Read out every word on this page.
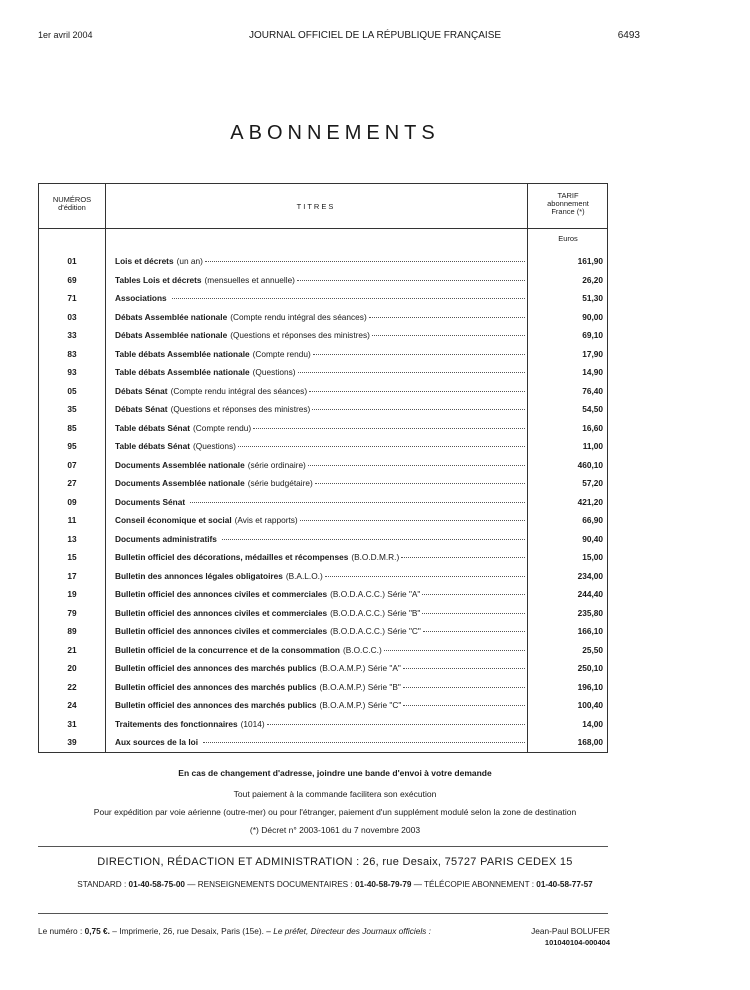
1er avril 2004	JOURNAL OFFICIEL DE LA RÉPUBLIQUE FRANÇAISE	6493
ABONNEMENTS
NUMÉROS d'édition	TITRES
TARIF abonnement France (*)
Euros
01	Lois et décrets (un an)	161,90
69	Tables Lois et décrets (mensuelles et annuelle)	26,20
71	Associations	51,30
03	Débats Assemblée nationale (Compte rendu intégral des séances)	90,00
33	Débats Assemblée nationale (Questions et réponses des ministres)	69,10
83	Table débats Assemblée nationale (Compte rendu)	17,90
93	Table débats Assemblée nationale (Questions)	14,90
05	Débats Sénat (Compte rendu intégral des séances)	76,40
35	Débats Sénat (Questions et réponses des ministres)	54,50
85	Table débats Sénat (Compte rendu)	16,60
95	Table débats Sénat (Questions)	11,00
07	Documents Assemblée nationale (série ordinaire)	460,10
27	Documents Assemblée nationale (série budgétaire)	57,20
09	Documents Sénat	421,20
11	Conseil économique et social (Avis et rapports)	66,90
13	Documents administratifs	90,40
15	Bulletin officiel des décorations, médailles et récompenses (B.O.D.M.R.)	15,00
17	Bulletin des annonces légales obligatoires (B.A.L.O.)	234,00
19	Bulletin officiel des annonces civiles et commerciales (B.O.D.A.C.C.) Série "A"	244,40
79	Bulletin officiel des annonces civiles et commerciales (B.O.D.A.C.C.) Série "B"	235,80
89	Bulletin officiel des annonces civiles et commerciales (B.O.D.A.C.C.) Série "C"	166,10
21	Bulletin officiel de la concurrence et de la consommation (B.O.C.C.)	25,50
20	Bulletin officiel des annonces des marchés publics (B.O.A.M.P.) Série "A"	250,10
22	Bulletin officiel des annonces des marchés publics (B.O.A.M.P.) Série "B"	196,10
24	Bulletin officiel des annonces des marchés publics (B.O.A.M.P.) Série "C"	100,40
31	Traitements des fonctionnaires (1014)	14,00
39	Aux sources de la loi	168,00
En cas de changement d'adresse, joindre une bande d'envoi à votre demande
Tout paiement à la commande facilitera son exécution
Pour expédition par voie aérienne (outre-mer) ou pour l'étranger, paiement d'un supplément modulé selon la zone de destination
(*) Décret n° 2003-1061 du 7 novembre 2003
DIRECTION, RÉDACTION ET ADMINISTRATION : 26, rue Desaix, 75727 PARIS CEDEX 15
STANDARD : 01-40-58-75-00 — RENSEIGNEMENTS DOCUMENTAIRES : 01-40-58-79-79 — TÉLÉCOPIE ABONNEMENT : 01-40-58-77-57
Le numéro : 0,75 €. – Imprimerie, 26, rue Desaix, Paris (15e). – Le préfet, Directeur des Journaux officiels :	Jean-Paul BOLUFER
101040104-000404
